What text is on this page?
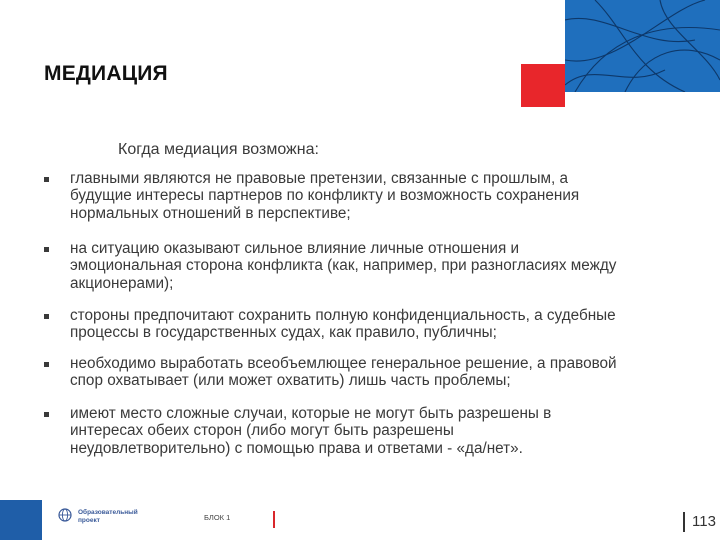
МЕДИАЦИЯ
Когда медиация возможна:
главными являются не правовые претензии, связанные с прошлым, а
будущие интересы партнеров по конфликту и возможность сохранения
нормальных отношений в перспективе;
на ситуацию оказывают сильное влияние личные отношения и
эмоциональная сторона конфликта (как, например, при разногласиях между
акционерами);
стороны предпочитают сохранить полную конфиденциальность, а судебные
процессы в государственных судах, как правило, публичны;
необходимо выработать всеобъемлющее генеральное решение, а правовой
спор охватывает (или может охватить) лишь часть проблемы;
имеют место сложные случаи, которые не могут быть разрешены в
интересах обеих сторон (либо могут быть разрешены
неудовлетворительно) с помощью права и ответами - «да/нет».
Образовательный
проект	БЛОК 1	113
